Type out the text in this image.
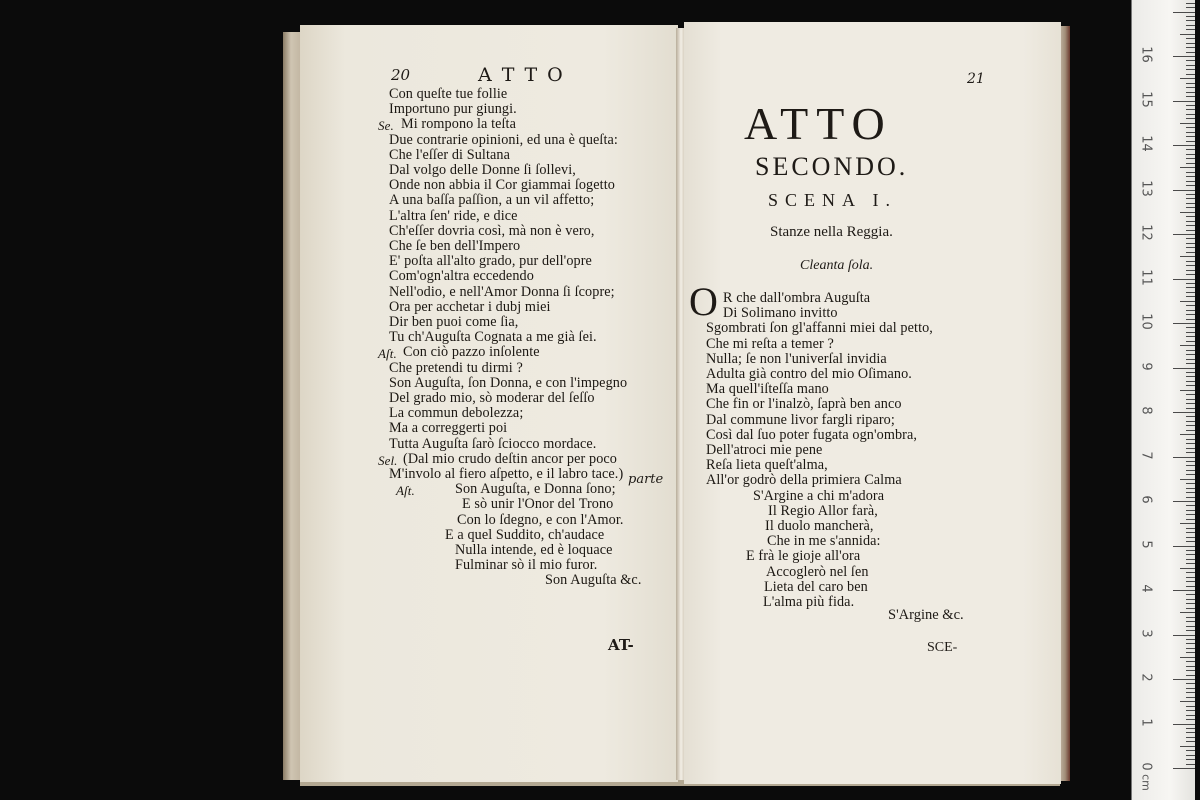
20	A T T O
Con queſte tue follie
Importuno pur giungi.
Se. Mi rompono la teſta
Due contrarie opinioni, ed una è queſta:
Che l'eſſer di Sultana
Dal volgo delle Donne ſi ſollevi,
Onde non abbia il Cor giammai ſogetto
A una baſſa paſſion, a un vil affetto;
L'altra ſen' ride, e dice
Ch'eſſer dovria così, mà non è vero,
Che ſe ben dell'Impero
E' poſta all'alto grado, pur dell'opre
Com'ogn'altra eccedendo
Nell'odio, e nell'Amor Donna ſi ſcopre;
Ora per acchetar i dubj miei
Dir ben puoi come ſia,
Tu ch'Auguſta Cognata a me già ſei.
Aſt. Con ciò pazzo inſolente
Che pretendi tu dirmi ?
Son Auguſta, ſon Donna, e con l'impegno
Del grado mio, sò moderar del ſeſſo
La commun debolezza;
Ma a correggerti poi
Tutta Auguſta ſarò ſciocco mordace.
Sel. (Dal mio crudo deſtin ancor per poco
M'involo al fiero aſpetto, e il labro tace.)
Aſt.	Son Auguſta, e Donna ſono;
E sò unir l'Onor del Trono
Con lo ſdegno, e con l'Amor.
E a quel Suddito, ch'audace
Nulla intende, ed è loquace
Fulminar sò il mio furor.
Son Auguſta &c.
parte
AT-
21
ATTO
SECONDO.
SCENA I.
Stanze nella Reggia.
Cleanta ſola.
O R che dall'ombra Auguſta
Di Solimano invitto
Sgombrati ſon gl'affanni miei dal petto,
Che mi reſta a temer ?
Nulla; ſe non l'univerſal invidia
Adulta già contro del mio Oſimano.
Ma quell'iſteſſa mano
Che fin or l'inalzò, ſaprà ben anco
Dal commune livor fargli riparo;
Così dal ſuo poter fugata ogn'ombra,
Dell'atroci mie pene
Reſa lieta queſt'alma,
All'or godrò della primiera Calma
S'Argine a chi m'adora
Il Regio Allor farà,
Il duolo mancherà,
Che in me s'annida:
E frà le gioje all'ora
Accoglerò nel ſen
Lieta del caro ben
L'alma più fida.
S'Argine &c.
SCE-
0
1
2
3
4
5
6
7
8
9
10
11
12
13
14
15
16
cm
